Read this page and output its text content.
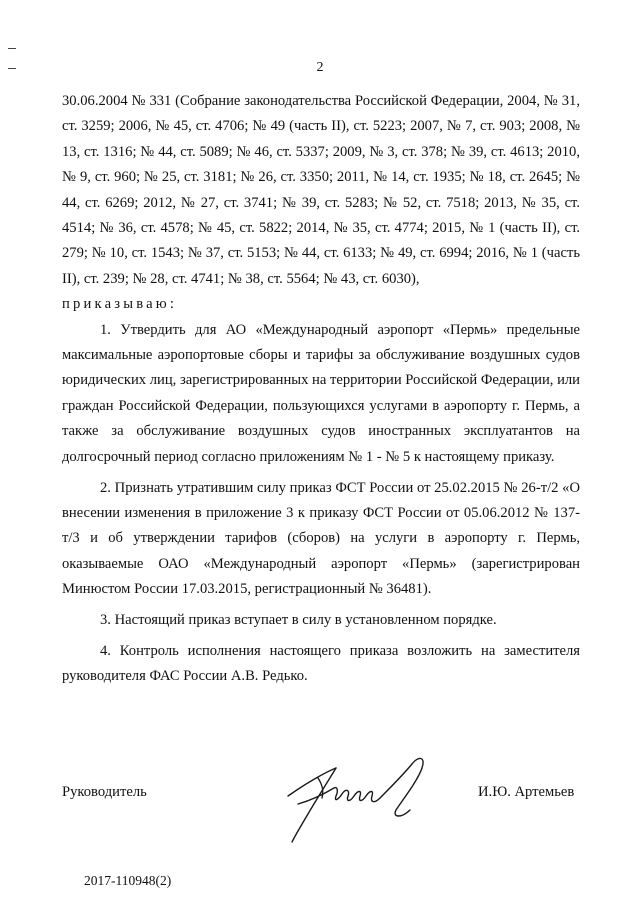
2

30.06.2004 № 331 (Собрание законодательства Российской Федерации, 2004, № 31, ст. 3259; 2006, № 45, ст. 4706; № 49 (часть II), ст. 5223; 2007, № 7, ст. 903; 2008, № 13, ст. 1316; № 44, ст. 5089; № 46, ст. 5337; 2009, № 3, ст. 378; № 39, ст. 4613; 2010, № 9, ст. 960; № 25, ст. 3181; № 26, ст. 3350; 2011, № 14, ст. 1935; № 18, ст. 2645; № 44, ст. 6269; 2012, № 27, ст. 3741; № 39, ст. 5283; № 52, ст. 7518; 2013, № 35, ст. 4514; № 36, ст. 4578; № 45, ст. 5822; 2014, № 35, ст. 4774; 2015, № 1 (часть II), ст. 279; № 10, ст. 1543; № 37, ст. 5153; № 44, ст. 6133; № 49, ст. 6994; 2016, № 1 (часть II), ст. 239; № 28, ст. 4741; № 38, ст. 5564; № 43, ст. 6030),

приказываю:

1. Утвердить для АО «Международный аэропорт «Пермь» предельные максимальные аэропортовые сборы и тарифы за обслуживание воздушных судов юридических лиц, зарегистрированных на территории Российской Федерации, или граждан Российской Федерации, пользующихся услугами в аэропорту г. Пермь, а также за обслуживание воздушных судов иностранных эксплуатантов на долгосрочный период согласно приложениям № 1 - № 5 к настоящему приказу.

2. Признать утратившим силу приказ ФСТ России от 25.02.2015 № 26-т/2 «О внесении изменения в приложение 3 к приказу ФСТ России от 05.06.2012 № 137-т/3 и об утверждении тарифов (сборов) на услуги в аэропорту г. Пермь, оказываемые ОАО «Международный аэропорт «Пермь» (зарегистрирован Минюстом России 17.03.2015, регистрационный № 36481).

3. Настоящий приказ вступает в силу в установленном порядке.

4. Контроль исполнения настоящего приказа возложить на заместителя руководителя ФАС России А.В. Редько.

Руководитель	И.Ю. Артемьев
2017-110948(2)
